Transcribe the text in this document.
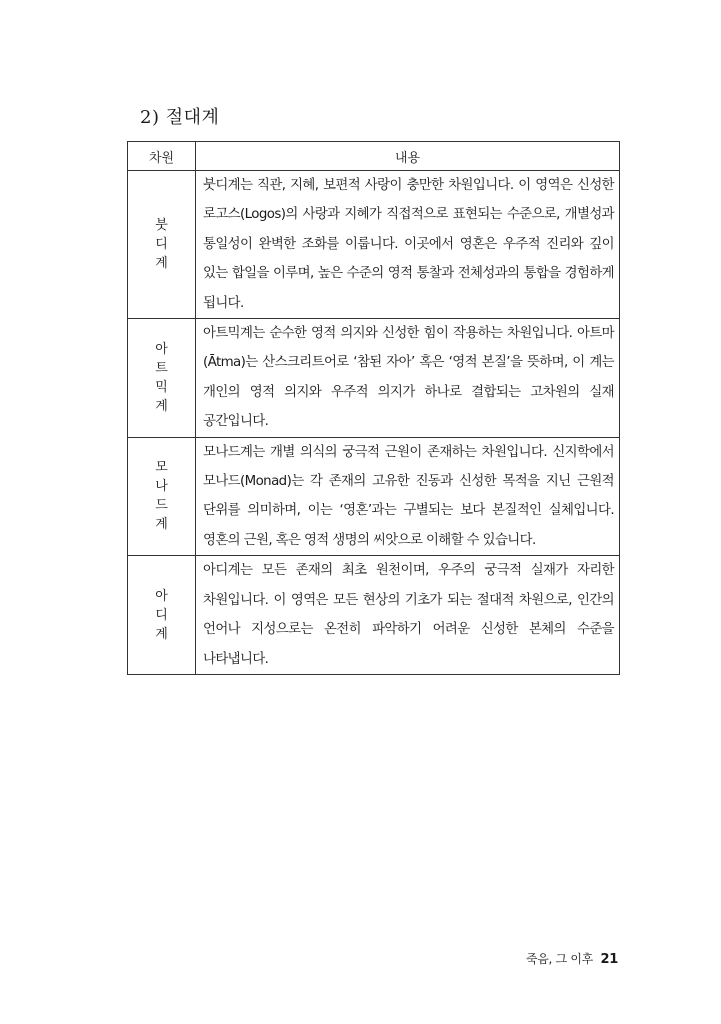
2) 절대계
차원	내용

붓
디
계	붓디계는 직관, 지혜, 보편적 사랑이 충만한 차원입니다. 이 영역은 신성한 로고스(Logos)의 사랑과 지혜가 직접적으로 표현되는 수준으로, 개별성과 통일성이 완벽한 조화를 이룹니다. 이곳에서 영혼은 우주적 진리와 깊이 있는 합일을 이루며, 높은 수준의 영적 통찰과 전체성과의 통합을 경험하게 됩니다.

아
트
믹
계	아트믹계는 순수한 영적 의지와 신성한 힘이 작용하는 차원입니다. 아트마(Ātma)는 산스크리트어로 ‘참된 자아’ 혹은 ‘영적 본질’을 뜻하며, 이 계는 개인의 영적 의지와 우주적 의지가 하나로 결합되는 고차원의 실재 공간입니다.

모
나
드
계	모나드계는 개별 의식의 궁극적 근원이 존재하는 차원입니다. 신지학에서 모나드(Monad)는 각 존재의 고유한 진동과 신성한 목적을 지닌 근원적 단위를 의미하며, 이는 ‘영혼’과는 구별되는 보다 본질적인 실체입니다. 영혼의 근원, 혹은 영적 생명의 씨앗으로 이해할 수 있습니다.

아
디
계	아디계는 모든 존재의 최초 원천이며, 우주의 궁극적 실재가 자리한 차원입니다. 이 영역은 모든 현상의 기초가 되는 절대적 차원으로, 인간의 언어나 지성으로는 온전히 파악하기 어려운 신성한 본체의 수준을 나타냅니다.
죽음, 그 이후 21
